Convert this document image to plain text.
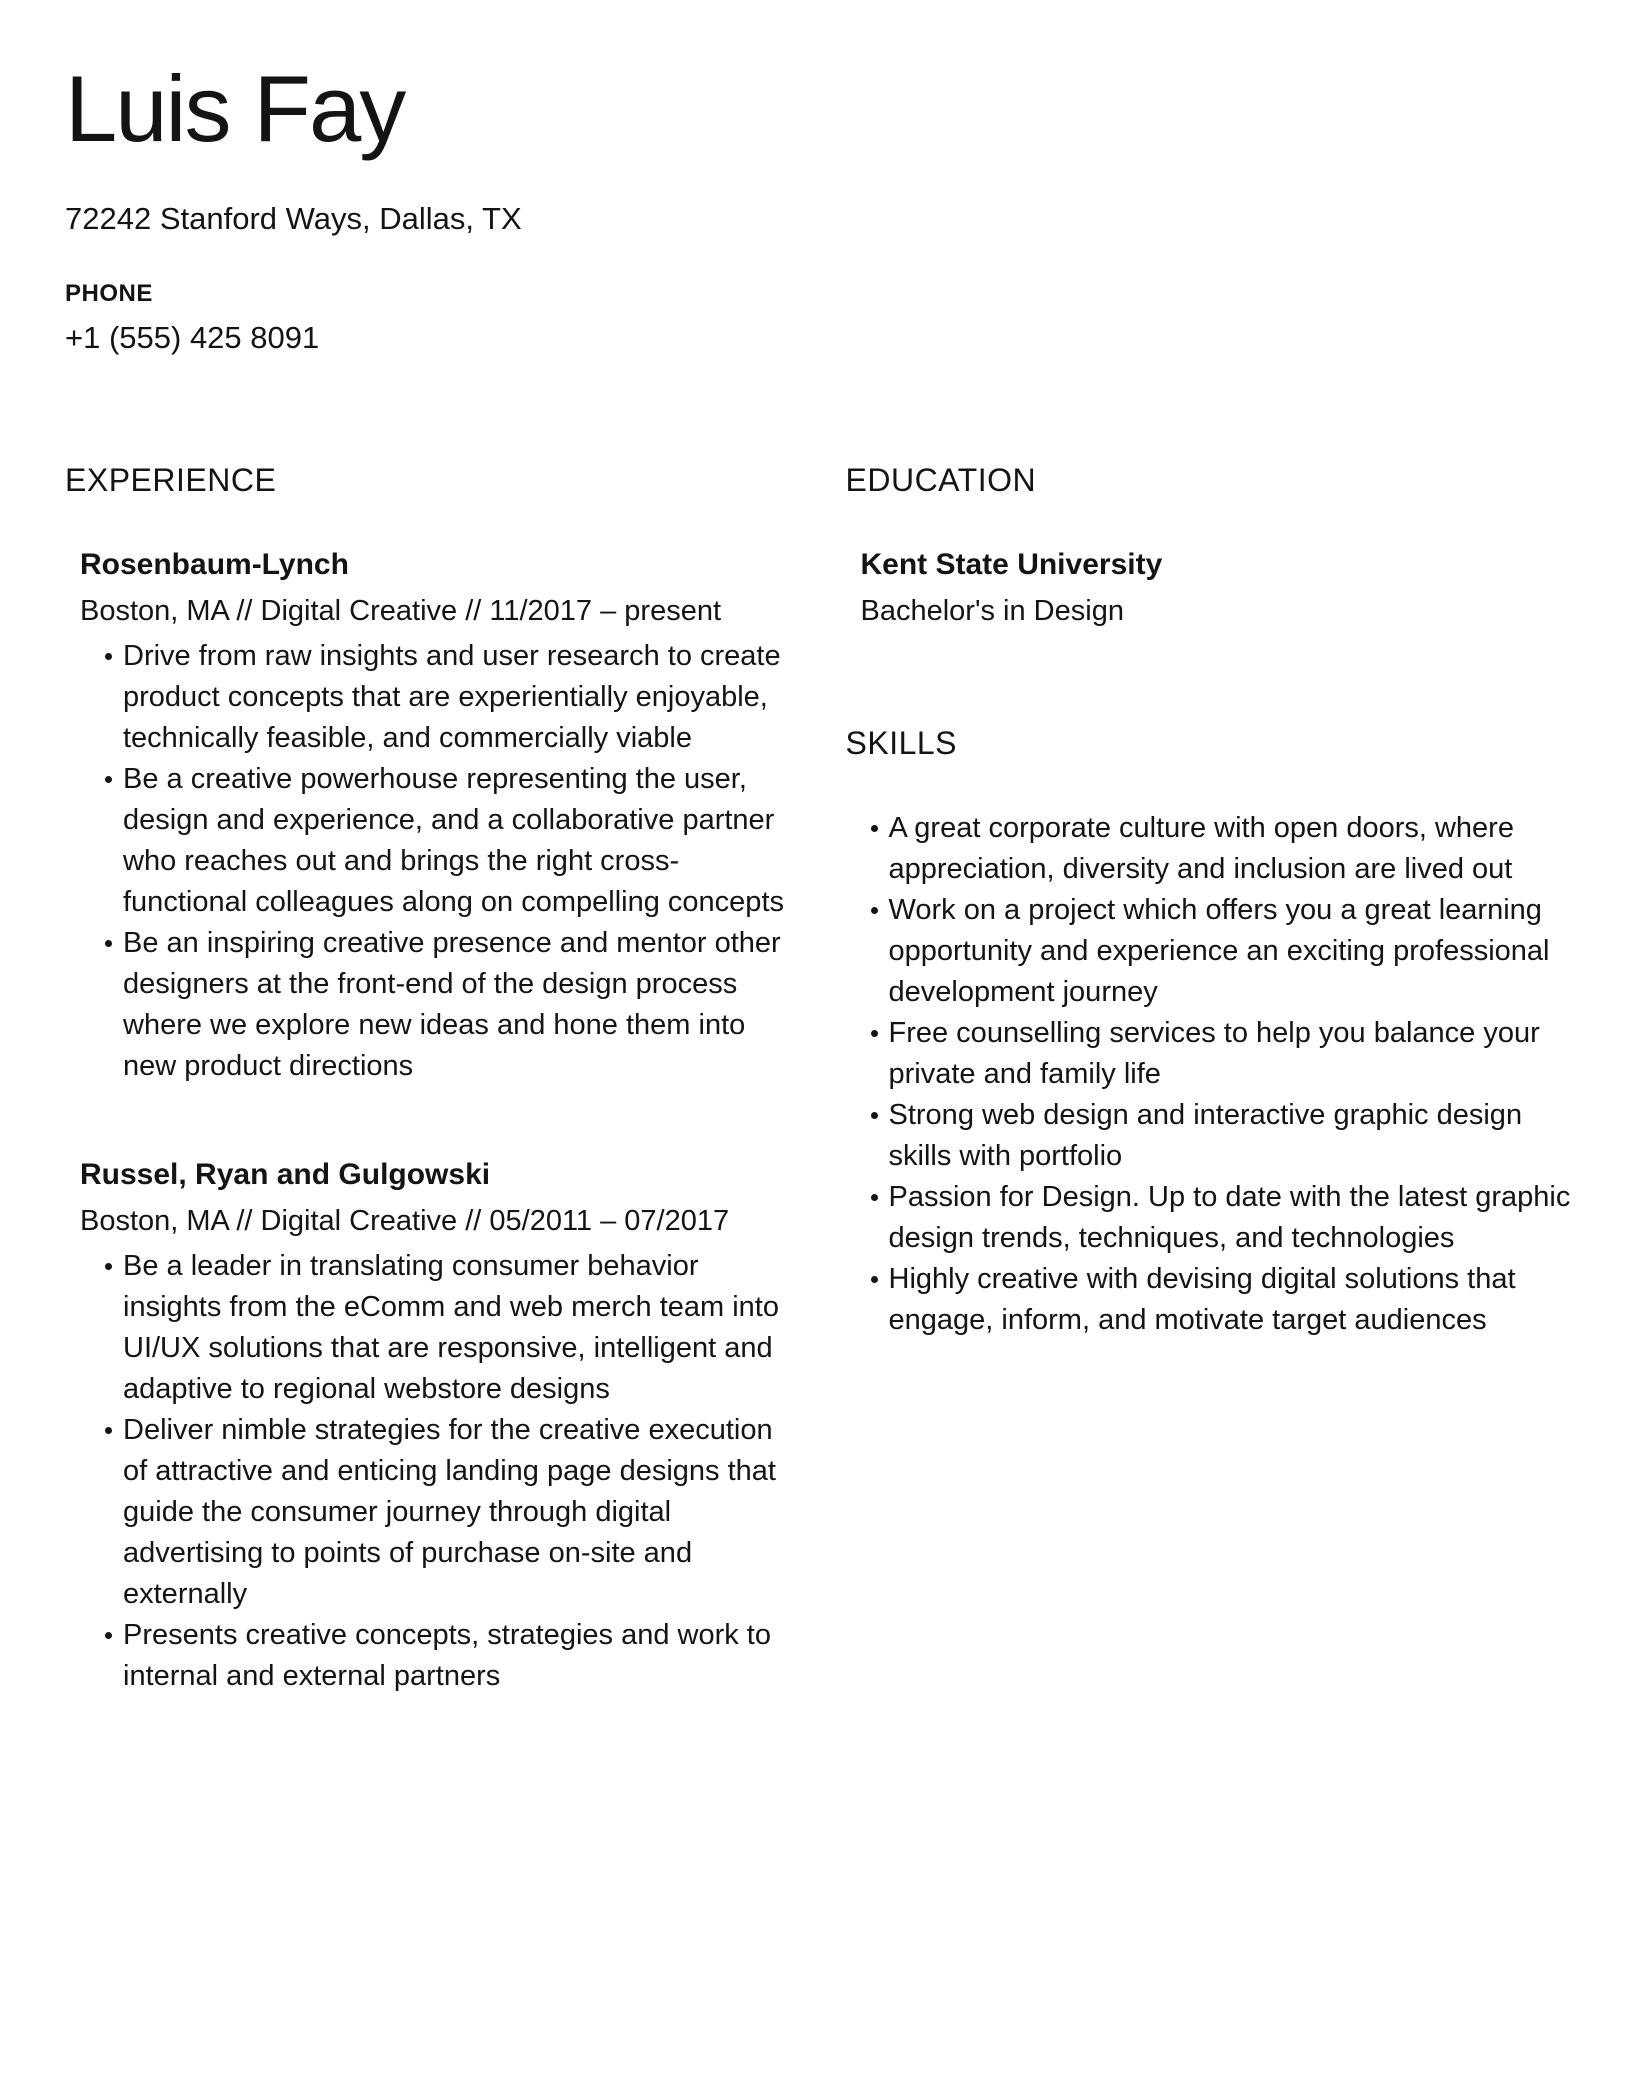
Luis Fay
72242 Stanford Ways, Dallas, TX
PHONE
+1 (555) 425 8091
EXPERIENCE
Rosenbaum-Lynch
Boston, MA // Digital Creative // 11/2017 – present
Drive from raw insights and user research to create product concepts that are experientially enjoyable, technically feasible, and commercially viable
Be a creative powerhouse representing the user, design and experience, and a collaborative partner who reaches out and brings the right cross-functional colleagues along on compelling concepts
Be an inspiring creative presence and mentor other designers at the front-end of the design process where we explore new ideas and hone them into new product directions
Russel, Ryan and Gulgowski
Boston, MA // Digital Creative // 05/2011 – 07/2017
Be a leader in translating consumer behavior insights from the eComm and web merch team into UI/UX solutions that are responsive, intelligent and adaptive to regional webstore designs
Deliver nimble strategies for the creative execution of attractive and enticing landing page designs that guide the consumer journey through digital advertising to points of purchase on-site and externally
Presents creative concepts, strategies and work to internal and external partners
EDUCATION
Kent State University
Bachelor's in Design
SKILLS
A great corporate culture with open doors, where appreciation, diversity and inclusion are lived out
Work on a project which offers you a great learning opportunity and experience an exciting professional development journey
Free counselling services to help you balance your private and family life
Strong web design and interactive graphic design skills with portfolio
Passion for Design. Up to date with the latest graphic design trends, techniques, and technologies
Highly creative with devising digital solutions that engage, inform, and motivate target audiences
